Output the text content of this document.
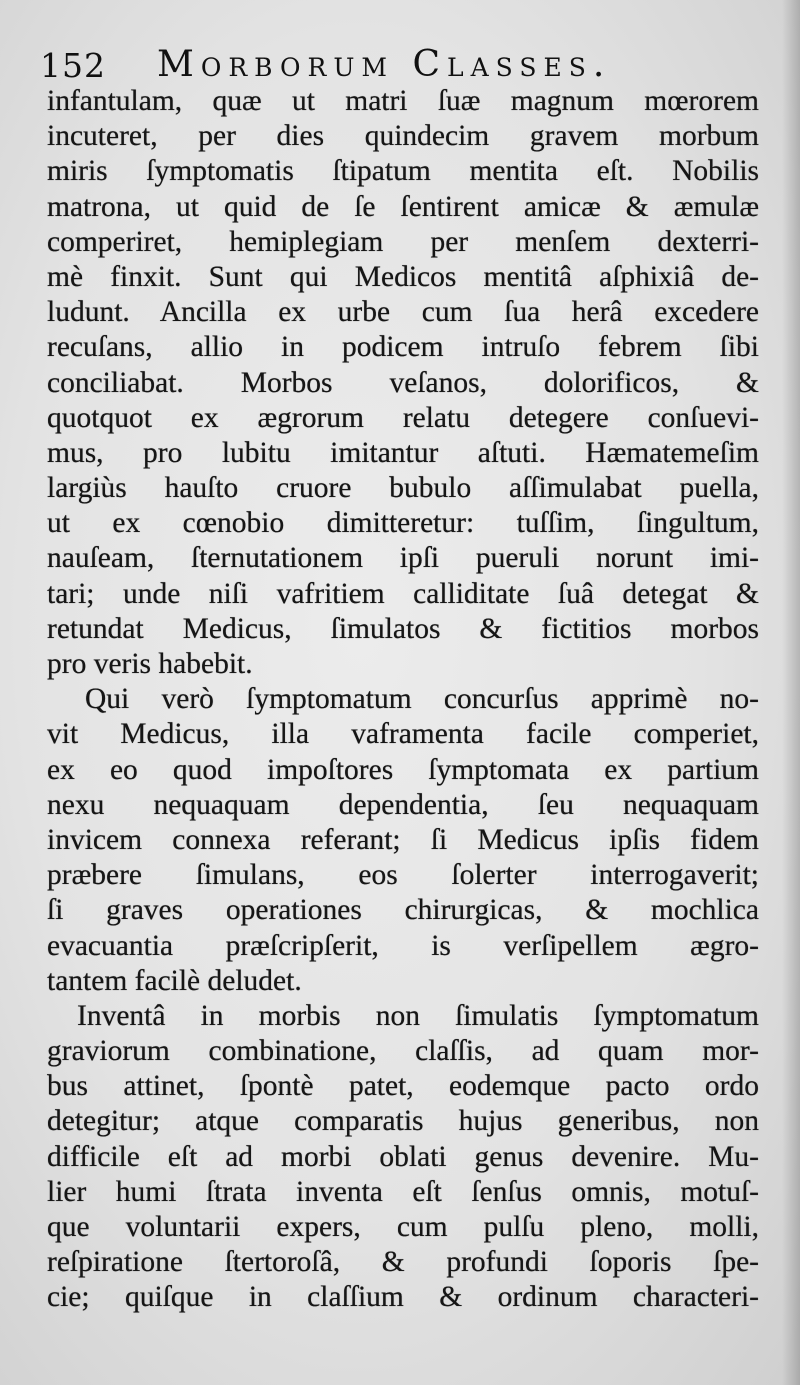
152 Morborum Classes.
infantulam, quæ ut matri ſuæ magnum mœrorem
incuteret, per dies quindecim gravem morbum
miris ſymptomatis ſtipatum mentita eſt. Nobilis
matrona, ut quid de ſe ſentirent amicæ & æmulæ
comperiret, hemiplegiam per menſem dexterri-
mè finxit. Sunt qui Medicos mentitâ aſphixiâ de-
ludunt. Ancilla ex urbe cum ſua herâ excedere
recuſans, allio in podicem intruſo febrem ſibi
conciliabat. Morbos veſanos, dolorificos, &
quotquot ex ægrorum relatu detegere conſuevi-
mus, pro lubitu imitantur aſtuti. Hæmatemeſim
largiùs hauſto cruore bubulo aſſimulabat puella,
ut ex cœnobio dimitteretur: tuſſim, ſingultum,
nauſeam, ſternutationem ipſi pueruli norunt imi-
tari; unde niſi vafritiem calliditate ſuâ detegat &
retundat Medicus, ſimulatos & fictitios morbos
pro veris habebit.
Qui verò ſymptomatum concurſus apprimè no-
vit Medicus, illa vaframenta facile comperiet,
ex eo quod impoſtores ſymptomata ex partium
nexu nequaquam dependentia, ſeu nequaquam
invicem connexa referant; ſi Medicus ipſis fidem
præbere ſimulans, eos ſolerter interrogaverit;
ſi graves operationes chirurgicas, & mochlica
evacuantia præſcripſerit, is verſipellem ægro-
tantem facilè deludet.
Inventâ in morbis non ſimulatis ſymptomatum
graviorum combinatione, claſſis, ad quam mor-
bus attinet, ſpontè patet, eodemque pacto ordo
detegitur; atque comparatis hujus generibus, non
difficile eſt ad morbi oblati genus devenire. Mu-
lier humi ſtrata inventa eſt ſenſus omnis, motuſ-
que voluntarii expers, cum pulſu pleno, molli,
reſpiratione ſtertoroſâ, & profundi ſoporis ſpe-
cie; quiſque in claſſium & ordinum characteri-
